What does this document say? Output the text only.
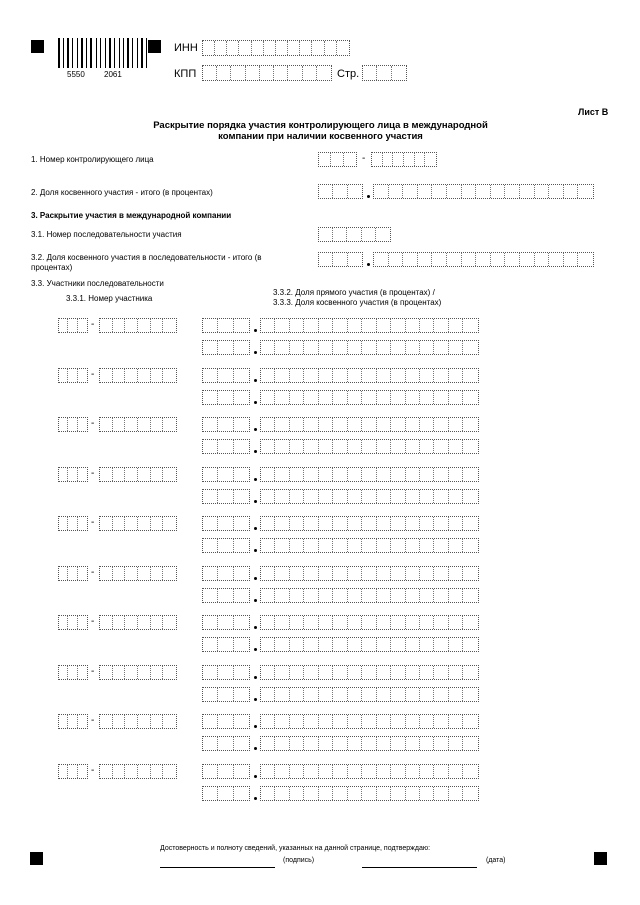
5550 2061
ИНН
КПП	Стр.
Лист В
Раскрытие порядка участия контролирующего лица в международной компании при наличии косвенного участия
1. Номер контролирующего лица	-
2. Доля косвенного участия - итого (в процентах)
3. Раскрытие участия в международной компании
3.1. Номер последовательности участия
3.2. Доля косвенного участия в последовательности - итого (в процентах)
3.3. Участники последовательности
3.3.1. Номер участника
3.3.2. Доля прямого участия (в процентах) /
3.3.3. Доля косвенного участия (в процентах)
-
-
-
-
-
-
-
-
-
-
Достоверность и полноту сведений, указанных на данной странице, подтверждаю:
(подпись)	(дата)
